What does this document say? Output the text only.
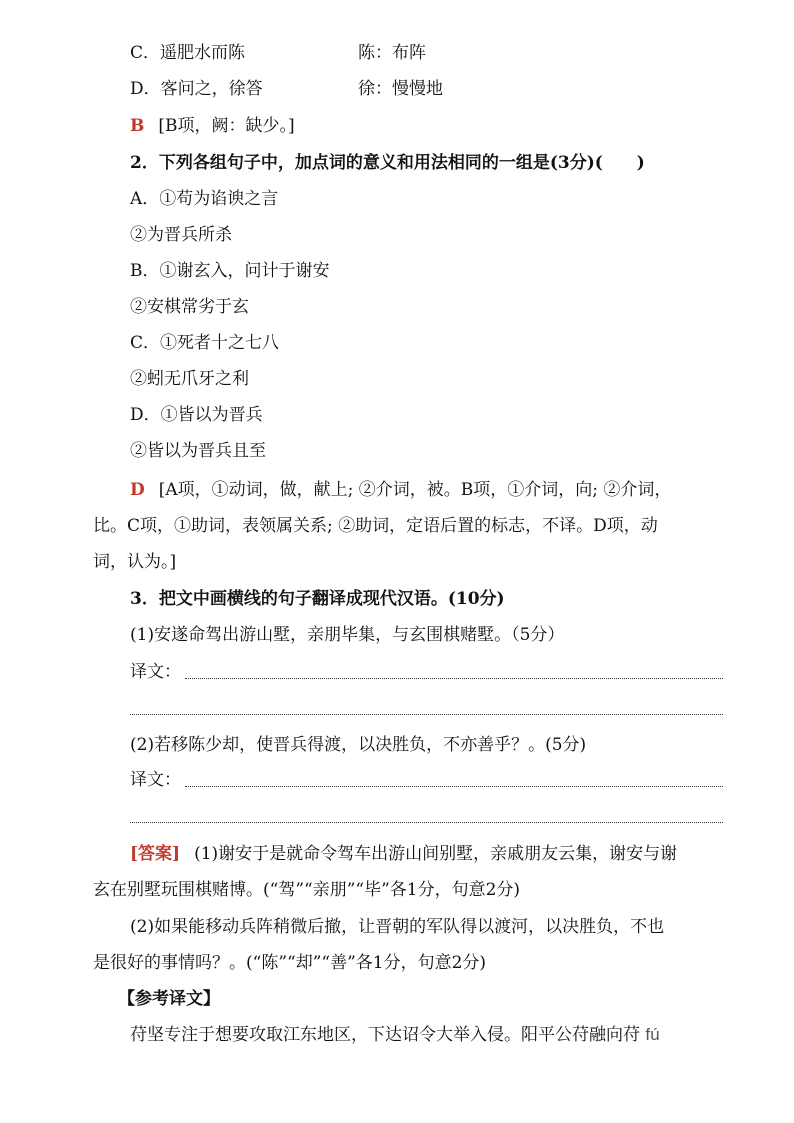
C．遥肥水而陈	陈：布阵
D．客问之，徐答	徐：慢慢地
B [B项，阙：缺少。]
2．下列各组句子中，加点词的意义和用法相同的一组是(3分)(　　)
A．①苟为谄谀之言
②为晋兵所杀
B．①谢玄入，问计于谢安
②安棋常劣于玄
C．①死者十之七八
②蚓无爪牙之利
D．①皆以为晋兵
②皆以为晋兵且至
D [A项，①动词，做，献上; ②介词，被。B项，①介词，向; ②介词，
比。C项，①助词，表领属关系; ②助词，定语后置的标志，不译。D项，动
词，认为。]
3．把文中画横线的句子翻译成现代汉语。(10分)
(1)安遂命驾出游山墅，亲朋毕集，与玄围棋赌墅。（5分）
译文：
(2)若移陈少却，使晋兵得渡，以决胜负，不亦善乎？。(5分)
译文：
[答案] (1)谢安于是就命令驾车出游山间别墅，亲戚朋友云集，谢安与谢
玄在别墅玩围棋赌博。(“驾”“亲朋”“毕”各1分，句意2分)
(2)如果能移动兵阵稍微后撤，让晋朝的军队得以渡河，以决胜负，不也
是很好的事情吗？。(“陈”“却”“善”各1分，句意2分)
【参考译文】
苻坚专注于想要攻取江东地区，下达诏令大举入侵。阳平公苻融向苻 fú
